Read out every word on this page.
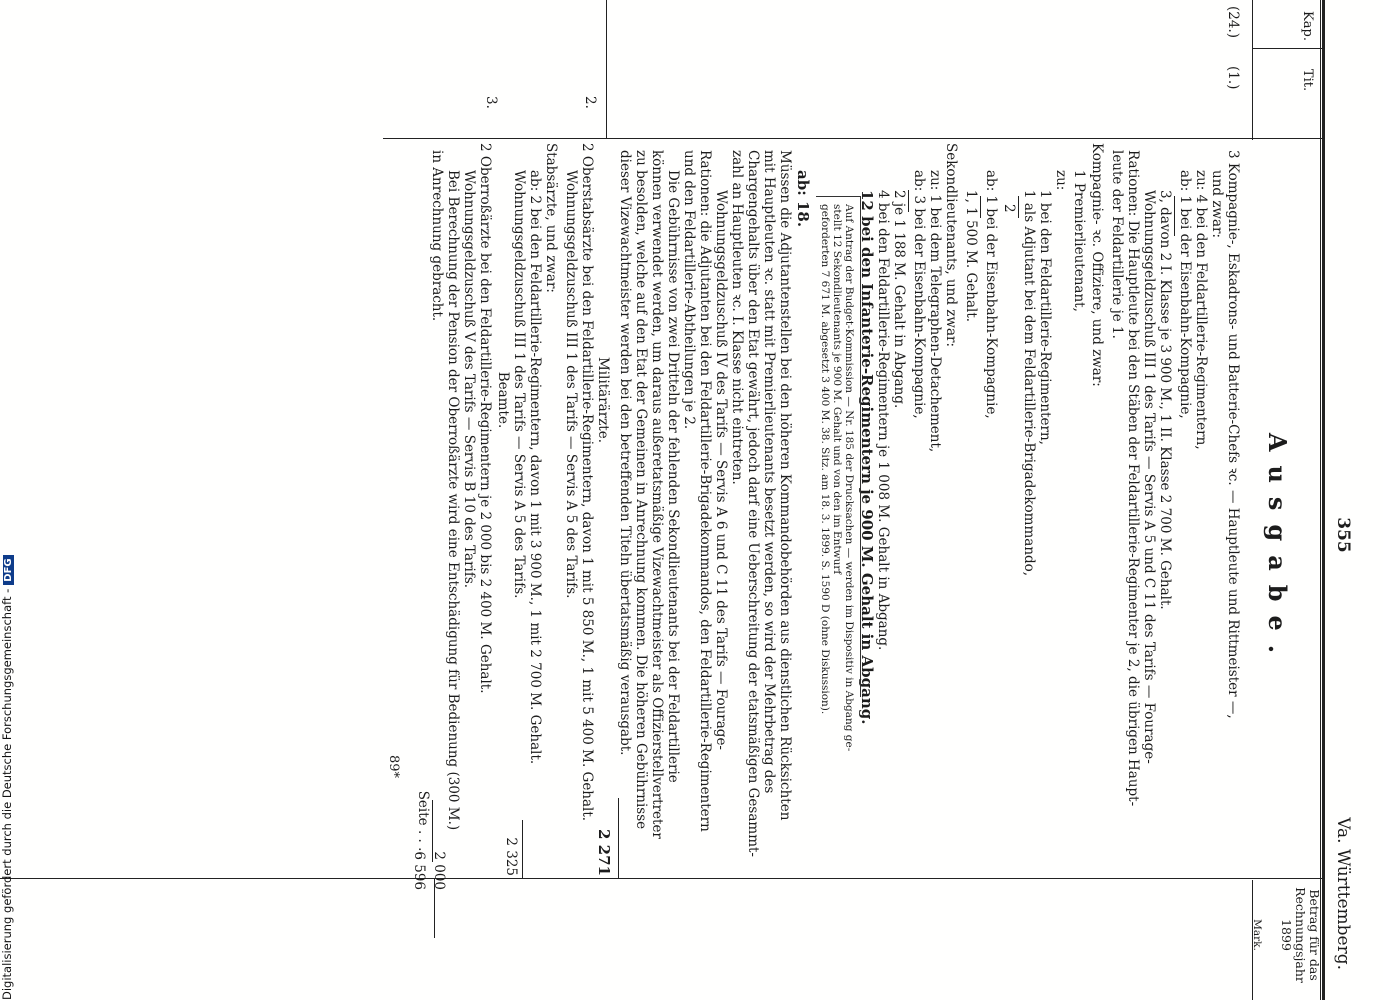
355
Va. Württemberg.
Kap.
Tit.
Betrag für das Rechnungsjahr 1899
Mark.
Ausgabe.
(24.)
(1.)
3 Kompagnie-, Eskadrons- und Batterie-Chefs ꝛc. — Hauptleute und Rittmeister —,
und zwar:
zu: 4 bei den Feldartillerie-Regimentern,
ab: 1 bei der Eisenbahn-Kompagnie,
3, davon 2 I. Klasse je 3 900 M., 1 II. Klasse 2 700 M. Gehalt.
Wohnungsgeldzuschuß III 1 des Tarifs — Servis A 5 und C 11 des Tarifs — Fourage-
Rationen: Die Hauptleute bei den Stäben der Feldartillerie-Regimenter je 2, die übrigen Haupt-
leute der Feldartillerie je 1.
Kompagnie- ꝛc. Offiziere, und zwar:
1 Premierlieutenant,
zu:
1 bei den Feldartillerie-Regimentern,
1 als Adjutant bei dem Feldartillerie-Brigadekommando,
2
ab: 1 bei der Eisenbahn-Kompagnie,
1, 1 500 M. Gehalt.
Sekondlieutenants, und zwar:
zu: 1 bei dem Telegraphen-Detachement,
ab: 3 bei der Eisenbahn-Kompagnie,
2 je 1 188 M. Gehalt in Abgang.
4 bei den Feldartillerie-Regimentern je 1 008 M. Gehalt in Abgang.
12 bei den Infanterie-Regimentern je 900 M. Gehalt in Abgang.
Auf Antrag der Budget-Kommission — Nr. 185 der Drucksachen — werden im Dispositiv in Abgang ge-
stellt 12 Sekondlieutenants je 900 M. Gehalt und von den im Entwurf
geforderten 7 671 M. abgesetzt 3 400 M. 38. Sitz. am 18. 3. 1899. S. 1590 D (ohne Diskussion).
ab: 18.
Müssen die Adjutantenstellen bei den höheren Kommandobehörden aus dienstlichen Rücksichten
mit Hauptleuten ꝛc. statt mit Premierlieutenants besetzt werden, so wird der Mehrbetrag des
Chargengehalts über den Etat gewährt, jedoch darf eine Ueberschreitung der etatsmäßigen Gesammt-
zahl an Hauptleuten ꝛc. I. Klasse nicht eintreten.
Wohnungsgeldzuschuß IV des Tarifs — Servis A 6 und C 11 des Tarifs — Fourage-
Rationen: die Adjutanten bei den Feldartillerie-Brigadekommandos, den Feldartillerie-Regimentern
und den Feldartillerie-Abtheilungen je 2.
Die Gebührnisse von zwei Dritteln der fehlenden Sekondlieutenants bei der Feldartillerie
können verwendet werden, um daraus außeretatsmäßige Vizewachtmeister als Offizierstellvertreter
zu besolden, welche auf den Etat der Gemeinen in Anrechnung kommen. Die höheren Gebührnisse
dieser Vizewachtmeister werden bei den betreffenden Titeln übertatsmäßig verausgabt.
2 271
Militärärzte.
2.
2 Oberstabsärzte bei den Feldartillerie-Regimentern, davon 1 mit 5 850 M., 1 mit 5 400 M. Gehalt.
Wohnungsgeldzuschuß III 1 des Tarifs — Servis A 5 des Tarifs.
Stabsärzte, und zwar:
ab: 2 bei den Feldartillerie-Regimentern, davon 1 mit 3 900 M., 1 mit 2 700 M. Gehalt.
Wohnungsgeldzuschuß III 1 des Tarifs — Servis A 5 des Tarifs.
2 325
Beamte.
3.
2 Oberroßärzte bei den Feldartillerie-Regimentern je 2 000 bis 2 400 M. Gehalt.
Wohnungsgeldzuschuß V des Tarifs — Servis B 10 des Tarifs.
Bei Berechnung der Pension der Oberroßärzte wird eine Entschädigung für Bedienung (300 M.)
in Anrechnung gebracht.
Seite . . . .
2 000
6 596
89*
Digitalisierung gefördert durch die Deutsche Forschungsgemeinschaft -DFG
